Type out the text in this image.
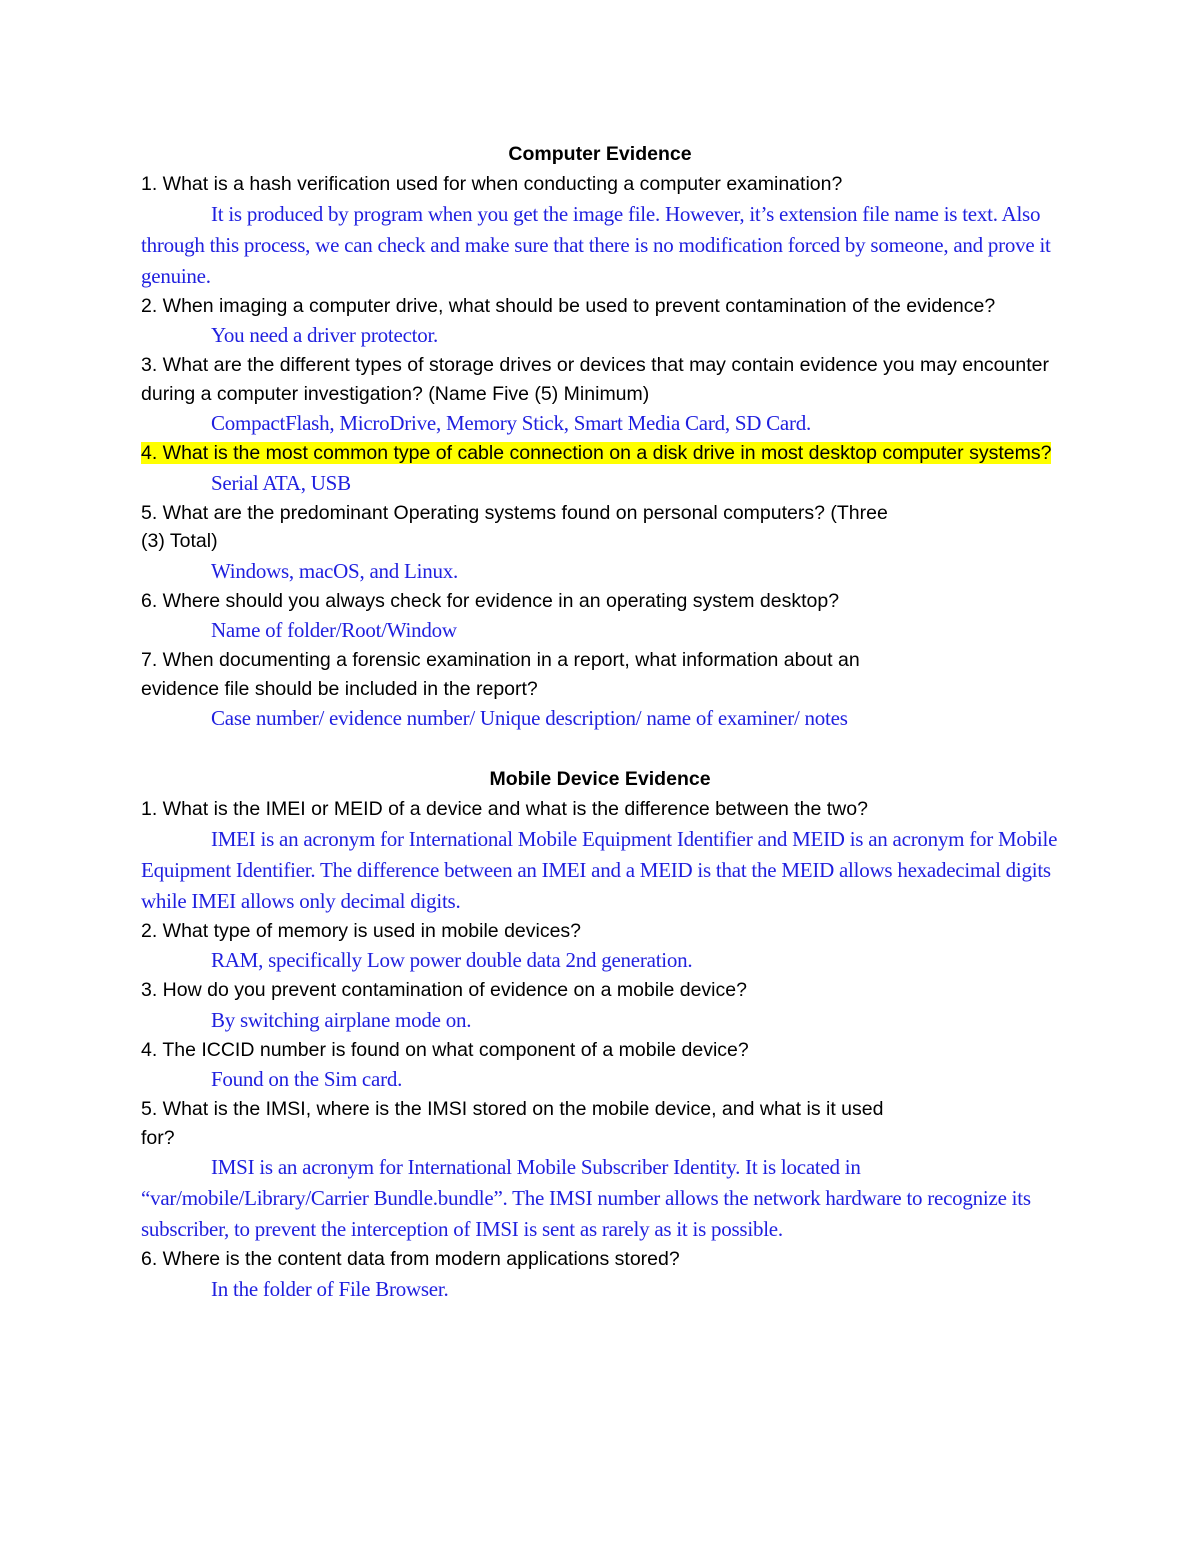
Computer Evidence

1. What is a hash verification used for when conducting a computer examination?

It is produced by program when you get the image file. However, it’s extension file name is text. Also through this process, we can check and make sure that there is no modification forced by someone, and prove it genuine.

2. When imaging a computer drive, what should be used to prevent contamination of the evidence?

You need a driver protector.

3. What are the different types of storage drives or devices that may contain evidence you may encounter during a computer investigation? (Name Five (5) Minimum)

CompactFlash, MicroDrive, Memory Stick, Smart Media Card, SD Card.

4. What is the most common type of cable connection on a disk drive in most desktop computer systems?

Serial ATA, USB

5. What are the predominant Operating systems found on personal computers? (Three

(3) Total)

Windows, macOS, and Linux.

6. Where should you always check for evidence in an operating system desktop?

Name of folder/Root/Window

7. When documenting a forensic examination in a report, what information about an

evidence file should be included in the report?

Case number/ evidence number/ Unique description/ name of examiner/ notes

Mobile Device Evidence

1. What is the IMEI or MEID of a device and what is the difference between the two?

IMEI is an acronym for International Mobile Equipment Identifier and MEID is an acronym for Mobile Equipment Identifier. The difference between an IMEI and a MEID is that the MEID allows hexadecimal digits while IMEI allows only decimal digits.

2. What type of memory is used in mobile devices?

RAM, specifically Low power double data 2nd generation.

3. How do you prevent contamination of evidence on a mobile device?

By switching airplane mode on.

4. The ICCID number is found on what component of a mobile device?

Found on the Sim card.

5. What is the IMSI, where is the IMSI stored on the mobile device, and what is it used

for?

IMSI is an acronym for International Mobile Subscriber Identity. It is located in “var/mobile/Library/Carrier Bundle.bundle”. The IMSI number allows the network hardware to recognize its subscriber, to prevent the interception of IMSI is sent as rarely as it is possible.

6. Where is the content data from modern applications stored?

In the folder of File Browser.
